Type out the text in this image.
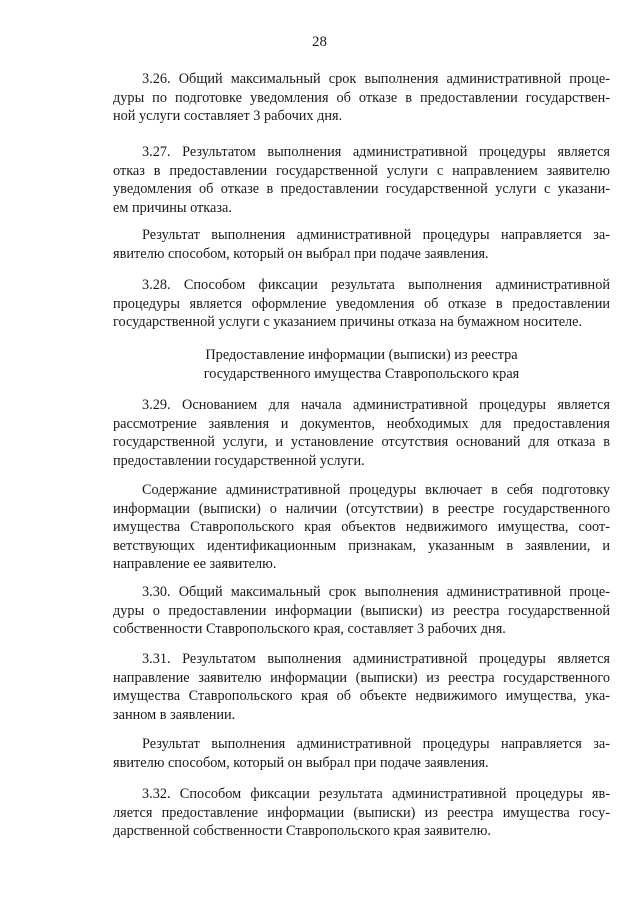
28
3.26. Общий максимальный срок выполнения административной проце-
дуры по подготовке уведомления об отказе в предоставлении государствен-
ной услуги составляет 3 рабочих дня.
3.27. Результатом выполнения административной процедуры является
отказ в предоставлении государственной услуги с направлением заявителю
уведомления об отказе в предоставлении государственной услуги с указани-
ем причины отказа.
Результат выполнения административной процедуры направляется за-
явителю способом, который он выбрал при подаче заявления.
3.28. Способом фиксации результата выполнения административной
процедуры является оформление уведомления об отказе в предоставлении
государственной услуги с указанием причины отказа на бумажном носителе.
Предоставление информации (выписки) из реестра
государственного имущества Ставропольского края
3.29. Основанием для начала административной процедуры является
рассмотрение заявления и документов, необходимых для предоставления
государственной услуги, и установление отсутствия оснований для отказа в
предоставлении государственной услуги.
Содержание административной процедуры включает в себя подготовку
информации (выписки) о наличии (отсутствии) в реестре государственного
имущества Ставропольского края объектов недвижимого имущества, соот-
ветствующих идентификационным признакам, указанным в заявлении, и
направление ее заявителю.
3.30. Общий максимальный срок выполнения административной проце-
дуры о предоставлении информации (выписки) из реестра государственной
собственности Ставропольского края, составляет 3 рабочих дня.
3.31. Результатом выполнения административной процедуры является
направление заявителю информации (выписки) из реестра государственного
имущества Ставропольского края об объекте недвижимого имущества, ука-
занном в заявлении.
Результат выполнения административной процедуры направляется за-
явителю способом, который он выбрал при подаче заявления.
3.32. Способом фиксации результата административной процедуры яв-
ляется предоставление информации (выписки) из реестра имущества госу-
дарственной собственности Ставропольского края заявителю.
